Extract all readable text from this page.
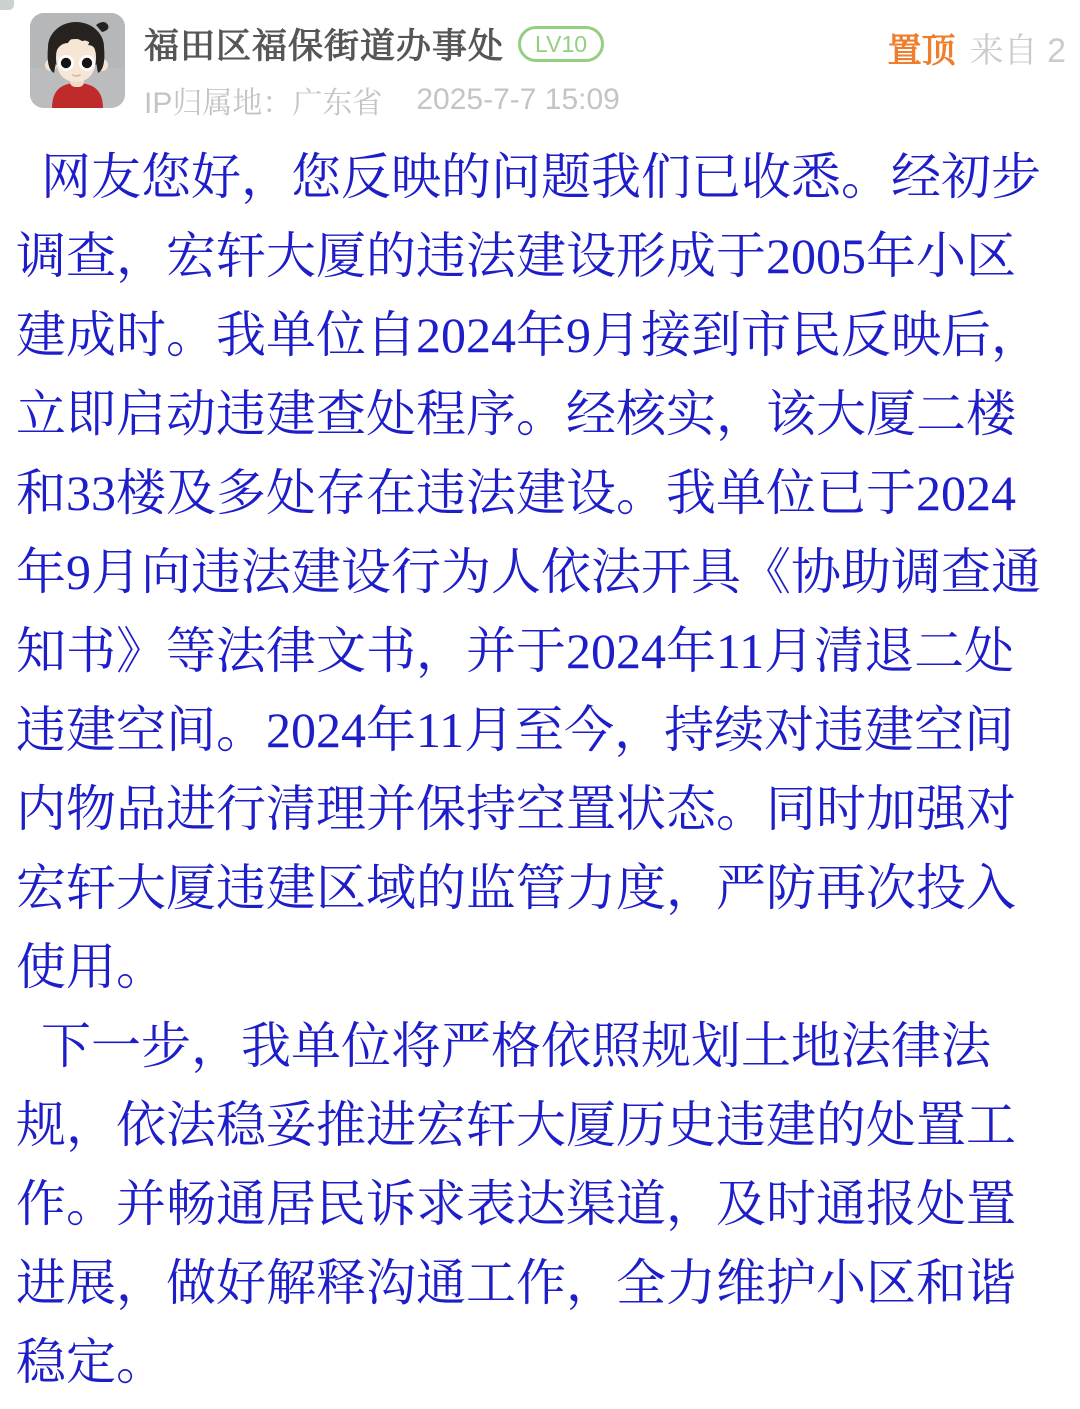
福田区福保街道办事处	LV10
IP归属地：广东省 2025-7-7 15:09
置顶 来自 2
网友您好，您反映的问题我们已收悉。经初步
调查，宏轩大厦的违法建设形成于2005年小区
建成时。我单位自2024年9月接到市民反映后，
立即启动违建查处程序。经核实，该大厦二楼
和33楼及多处存在违法建设。我单位已于2024
年9月向违法建设行为人依法开具《协助调查通
知书》等法律文书，并于2024年11月清退二处
违建空间。2024年11月至今，持续对违建空间
内物品进行清理并保持空置状态。同时加强对
宏轩大厦违建区域的监管力度，严防再次投入
使用。
下一步，我单位将严格依照规划土地法律法
规，依法稳妥推进宏轩大厦历史违建的处置工
作。并畅通居民诉求表达渠道，及时通报处置
进展，做好解释沟通工作，全力维护小区和谐
稳定。
